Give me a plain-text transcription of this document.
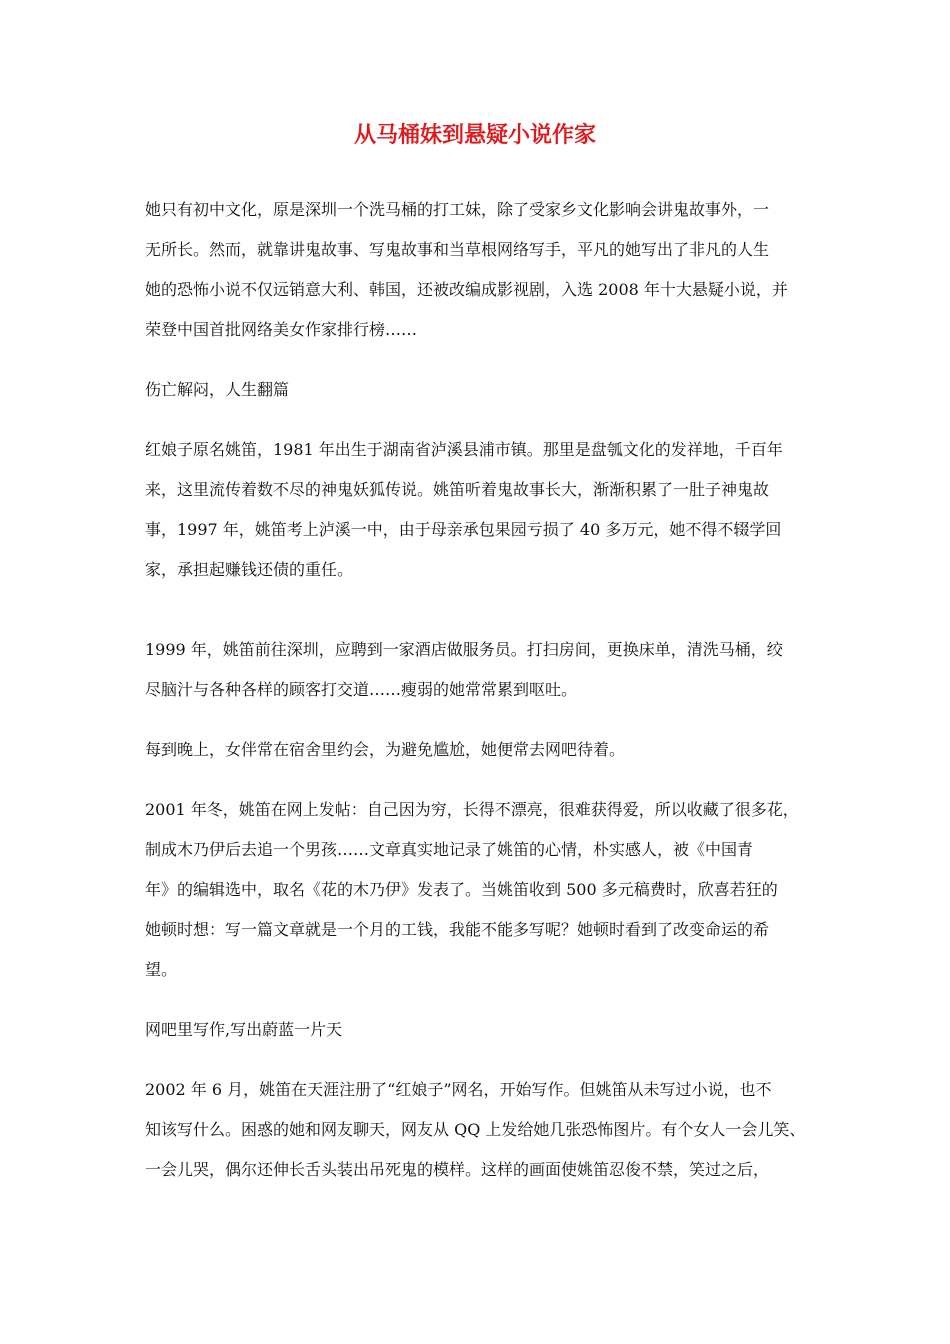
从马桶妹到悬疑小说作家

她只有初中文化，原是深圳一个洗马桶的打工妹，除了受家乡文化影响会讲鬼故事外，一
无所长。然而，就靠讲鬼故事、写鬼故事和当草根网络写手，平凡的她写出了非凡的人生
她的恐怖小说不仅远销意大利、韩国，还被改编成影视剧，入选 2008 年十大悬疑小说，并
荣登中国首批网络美女作家排行榜……

伤亡解闷，人生翻篇

红娘子原名姚笛，1981 年出生于湖南省泸溪县浦市镇。那里是盘瓠文化的发祥地，千百年
来，这里流传着数不尽的神鬼妖狐传说。姚笛听着鬼故事长大，渐渐积累了一肚子神鬼故
事，1997 年，姚笛考上泸溪一中，由于母亲承包果园亏损了 40 多万元，她不得不辍学回
家，承担起赚钱还债的重任。

1999 年，姚笛前往深圳，应聘到一家酒店做服务员。打扫房间，更换床单，清洗马桶，绞
尽脑汁与各种各样的顾客打交道……瘦弱的她常常累到呕吐。

每到晚上，女伴常在宿舍里约会，为避免尴尬，她便常去网吧待着。

2001 年冬，姚笛在网上发帖：自己因为穷，长得不漂亮，很难获得爱，所以收藏了很多花，
制成木乃伊后去追一个男孩……文章真实地记录了姚笛的心情，朴实感人，被《中国青
年》的编辑选中，取名《花的木乃伊》发表了。当姚笛收到 500 多元稿费时，欣喜若狂的
她顿时想：写一篇文章就是一个月的工钱，我能不能多写呢？她顿时看到了改变命运的希
望。

网吧里写作,写出蔚蓝一片天

2002 年 6 月，姚笛在天涯注册了“红娘子”网名，开始写作。但姚笛从未写过小说，也不
知该写什么。困惑的她和网友聊天，网友从 QQ 上发给她几张恐怖图片。有个女人一会儿笑、
一会儿哭，偶尔还伸长舌头装出吊死鬼的模样。这样的画面使姚笛忍俊不禁，笑过之后，
